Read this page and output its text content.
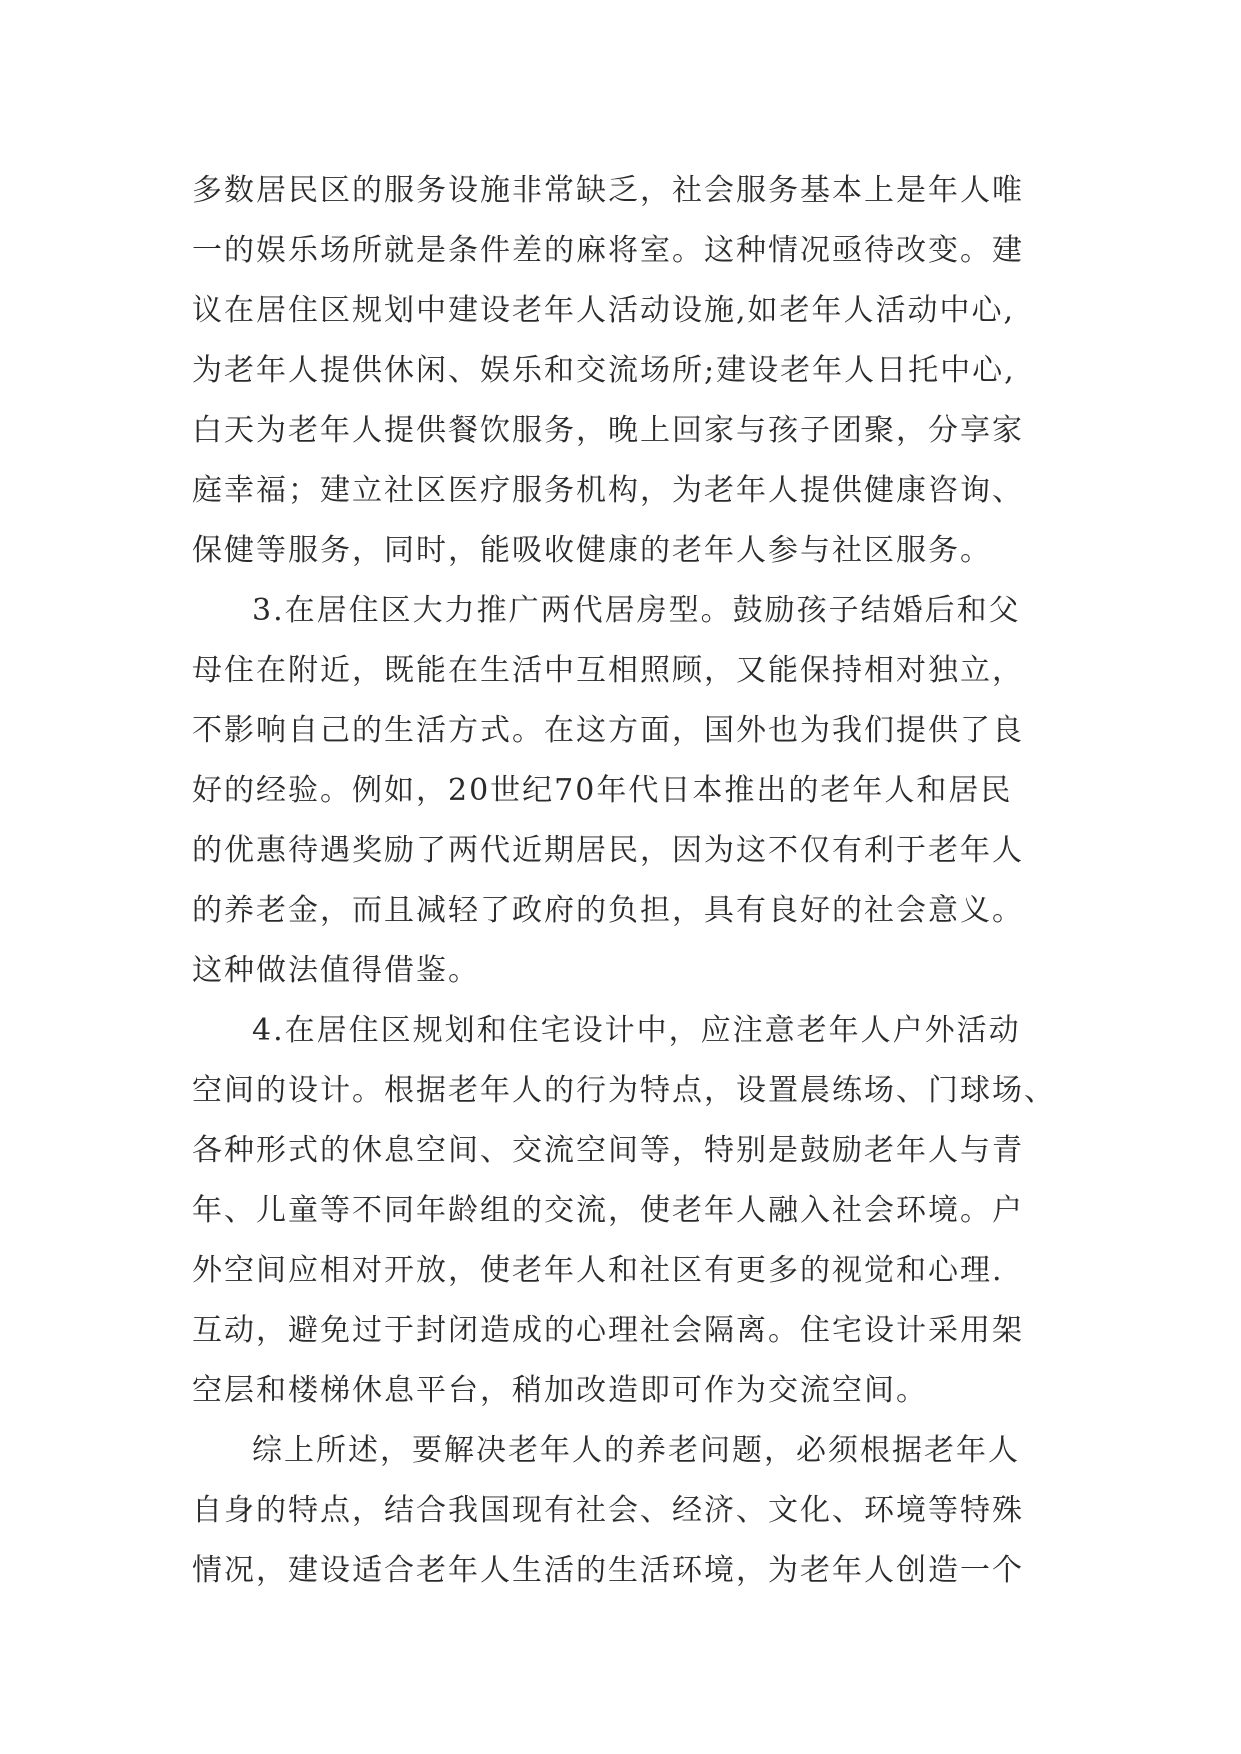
多数居民区的服务设施非常缺乏，社会服务基本上是年人唯
一的娱乐场所就是条件差的麻将室。这种情况亟待改变。建
议在居住区规划中建设老年人活动设施,如老年人活动中心,
为老年人提供休闲、娱乐和交流场所;建设老年人日托中心,
白天为老年人提供餐饮服务，晚上回家与孩子团聚，分享家
庭幸福；建立社区医疗服务机构，为老年人提供健康咨询、
保健等服务，同时，能吸收健康的老年人参与社区服务。
3.在居住区大力推广两代居房型。鼓励孩子结婚后和父
母住在附近，既能在生活中互相照顾，又能保持相对独立，
不影响自己的生活方式。在这方面，国外也为我们提供了良
好的经验。例如，20世纪70年代日本推出的老年人和居民
的优惠待遇奖励了两代近期居民，因为这不仅有利于老年人
的养老金，而且减轻了政府的负担，具有良好的社会意义。
这种做法值得借鉴。
4.在居住区规划和住宅设计中，应注意老年人户外活动
空间的设计。根据老年人的行为特点，设置晨练场、门球场、
各种形式的休息空间、交流空间等，特别是鼓励老年人与青
年、儿童等不同年龄组的交流，使老年人融入社会环境。户
外空间应相对开放，使老年人和社区有更多的视觉和心理.
互动，避免过于封闭造成的心理社会隔离。住宅设计采用架
空层和楼梯休息平台，稍加改造即可作为交流空间。
综上所述，要解决老年人的养老问题，必须根据老年人
自身的特点，结合我国现有社会、经济、文化、环境等特殊
情况，建设适合老年人生活的生活环境，为老年人创造一个
